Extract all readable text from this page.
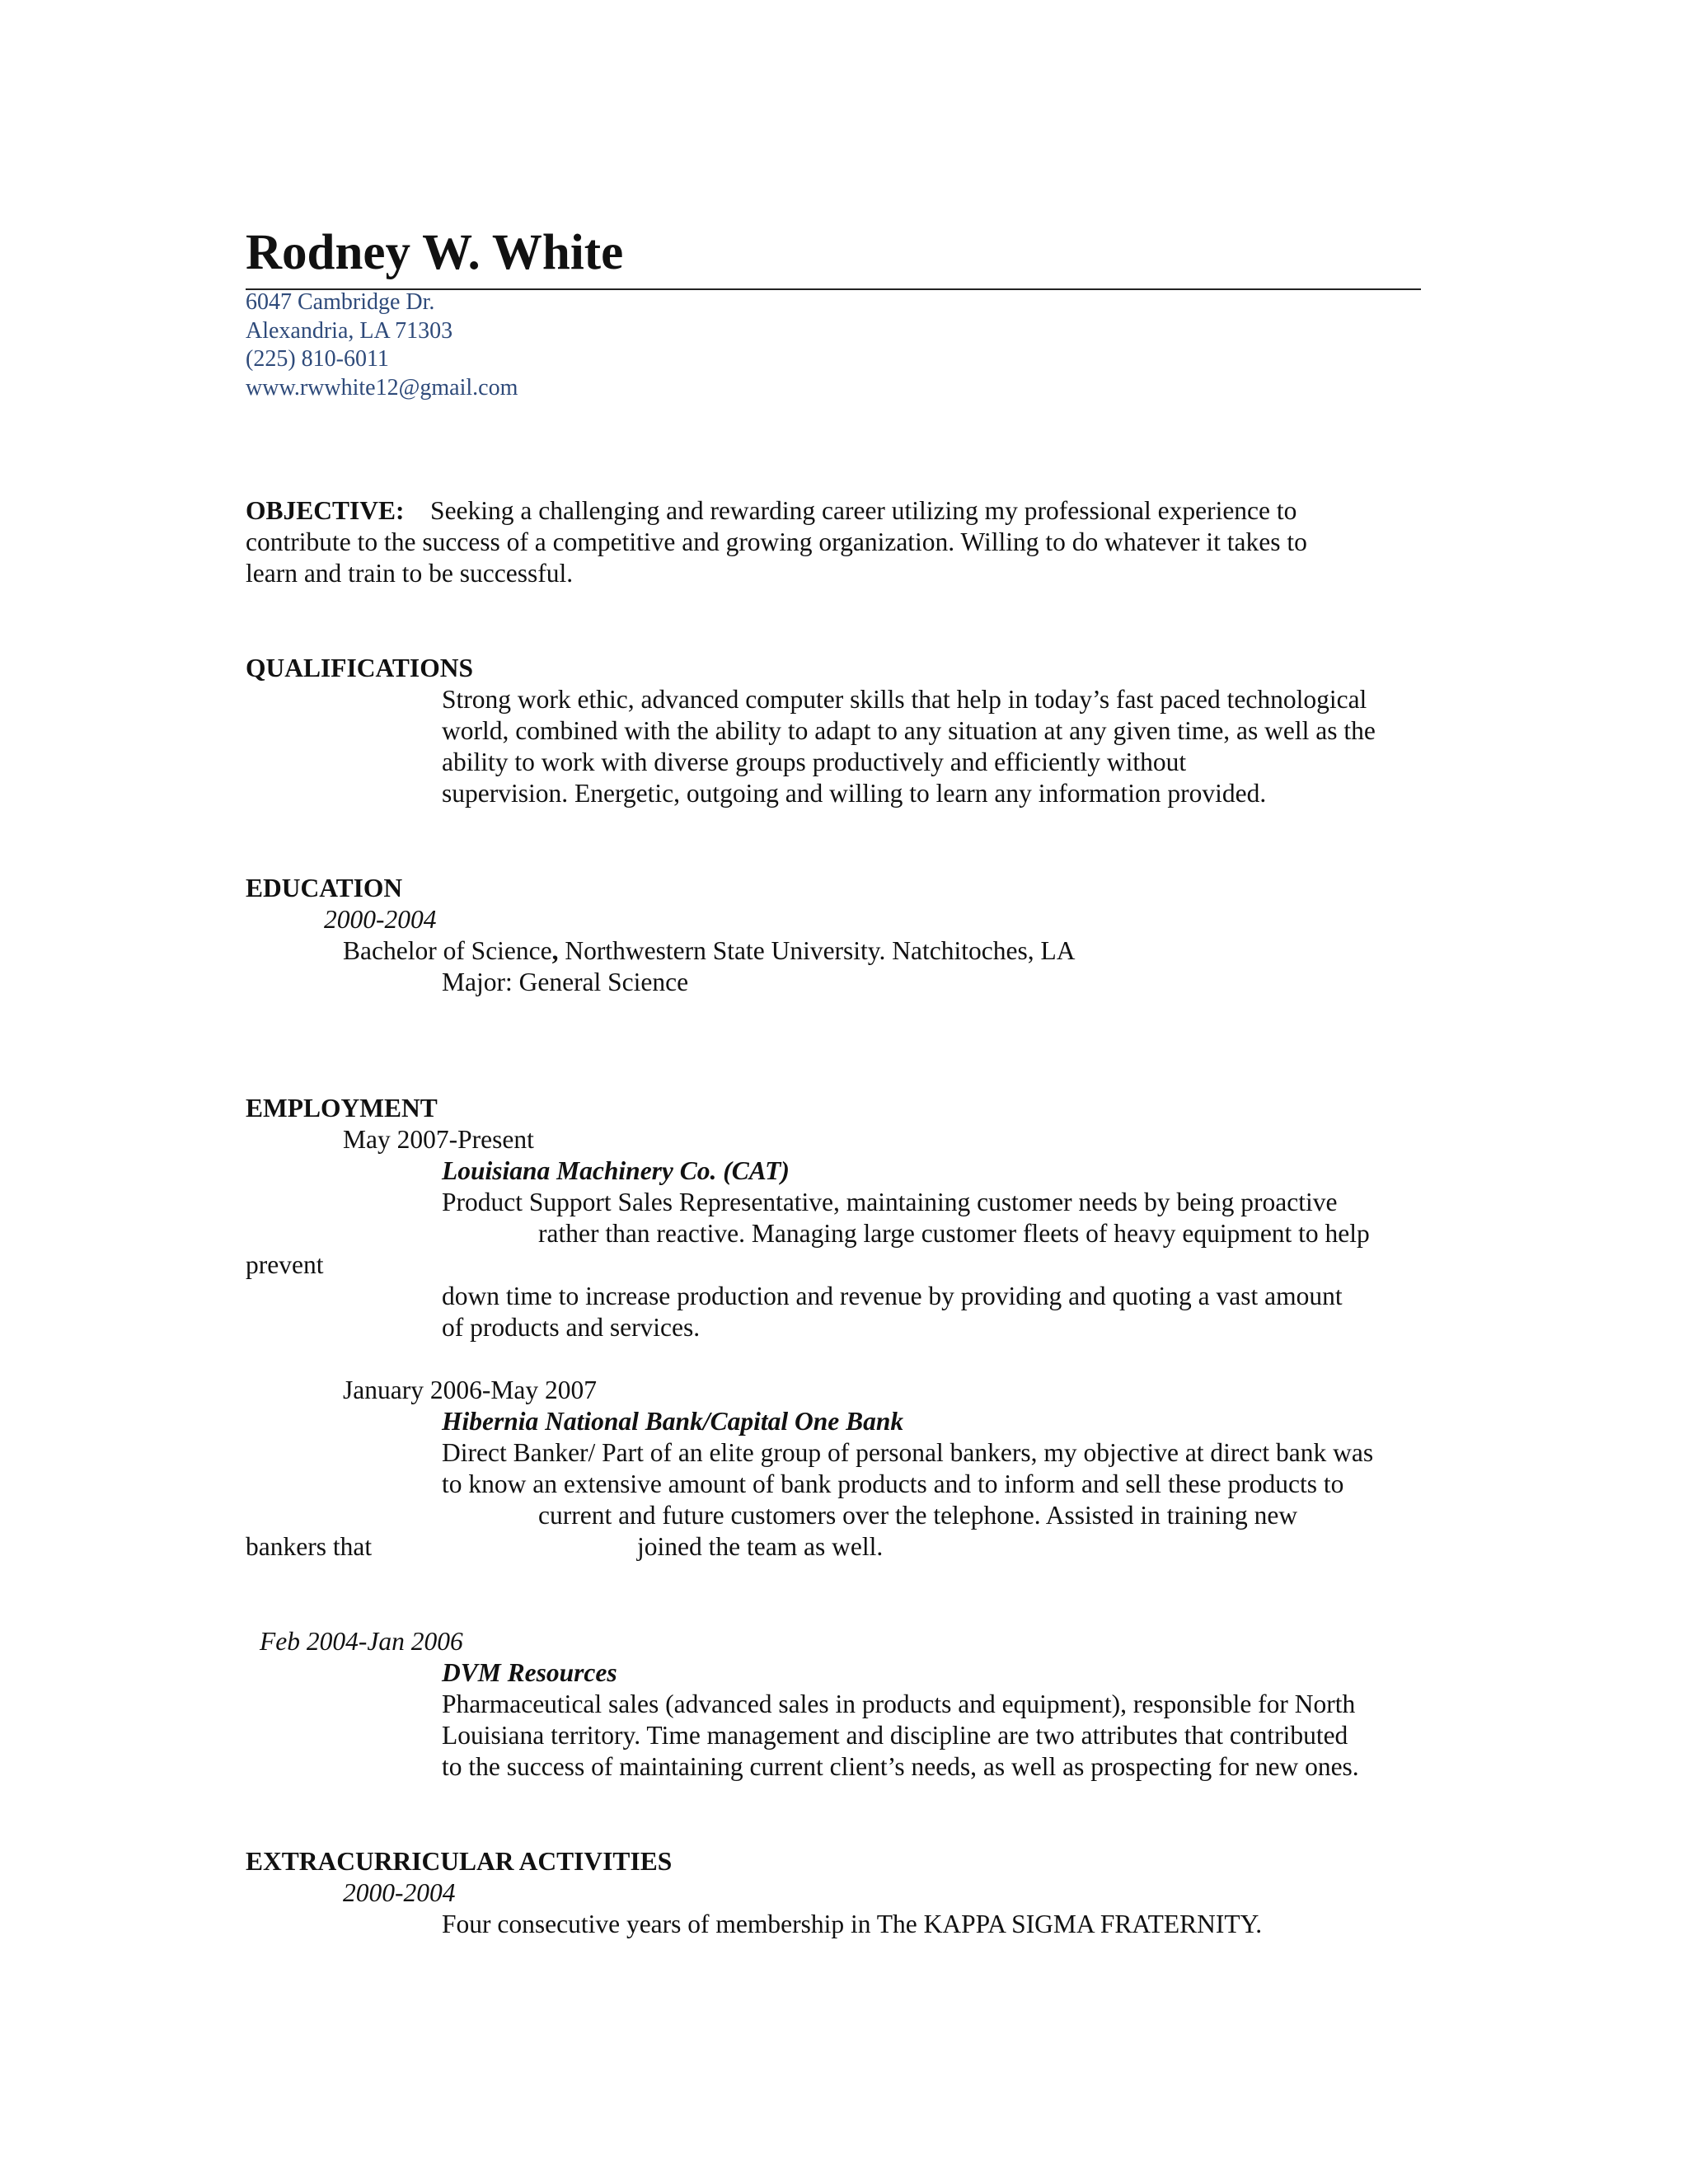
Rodney W. White
6047 Cambridge Dr.
Alexandria, LA 71303
(225) 810-6011
www.rwwhite12@gmail.com
OBJECTIVE: Seeking a challenging and rewarding career utilizing my professional experience to
contribute to the success of a competitive and growing organization. Willing to do whatever it takes to
learn and train to be successful.
QUALIFICATIONS
Strong work ethic, advanced computer skills that help in today’s fast paced technological
world, combined with the ability to adapt to any situation at any given time, as well as the
ability to work with diverse groups productively and efficiently without
supervision. Energetic, outgoing and willing to learn any information provided.
EDUCATION
2000-2004
Bachelor of Science, Northwestern State University. Natchitoches, LA
Major: General Science
EMPLOYMENT
May 2007-Present
Louisiana Machinery Co. (CAT)
Product Support Sales Representative, maintaining customer needs by being proactive
rather than reactive. Managing large customer fleets of heavy equipment to help
prevent
down time to increase production and revenue by providing and quoting a vast amount
of products and services.
January 2006-May 2007
Hibernia National Bank/Capital One Bank
Direct Banker/ Part of an elite group of personal bankers, my objective at direct bank was
to know an extensive amount of bank products and to inform and sell these products to
current and future customers over the telephone. Assisted in training new
bankers that	joined the team as well.
Feb 2004-Jan 2006
DVM Resources
Pharmaceutical sales (advanced sales in products and equipment), responsible for North
Louisiana territory. Time management and discipline are two attributes that contributed
to the success of maintaining current client’s needs, as well as prospecting for new ones.
EXTRACURRICULAR ACTIVITIES
2000-2004
Four consecutive years of membership in The KAPPA SIGMA FRATERNITY.
